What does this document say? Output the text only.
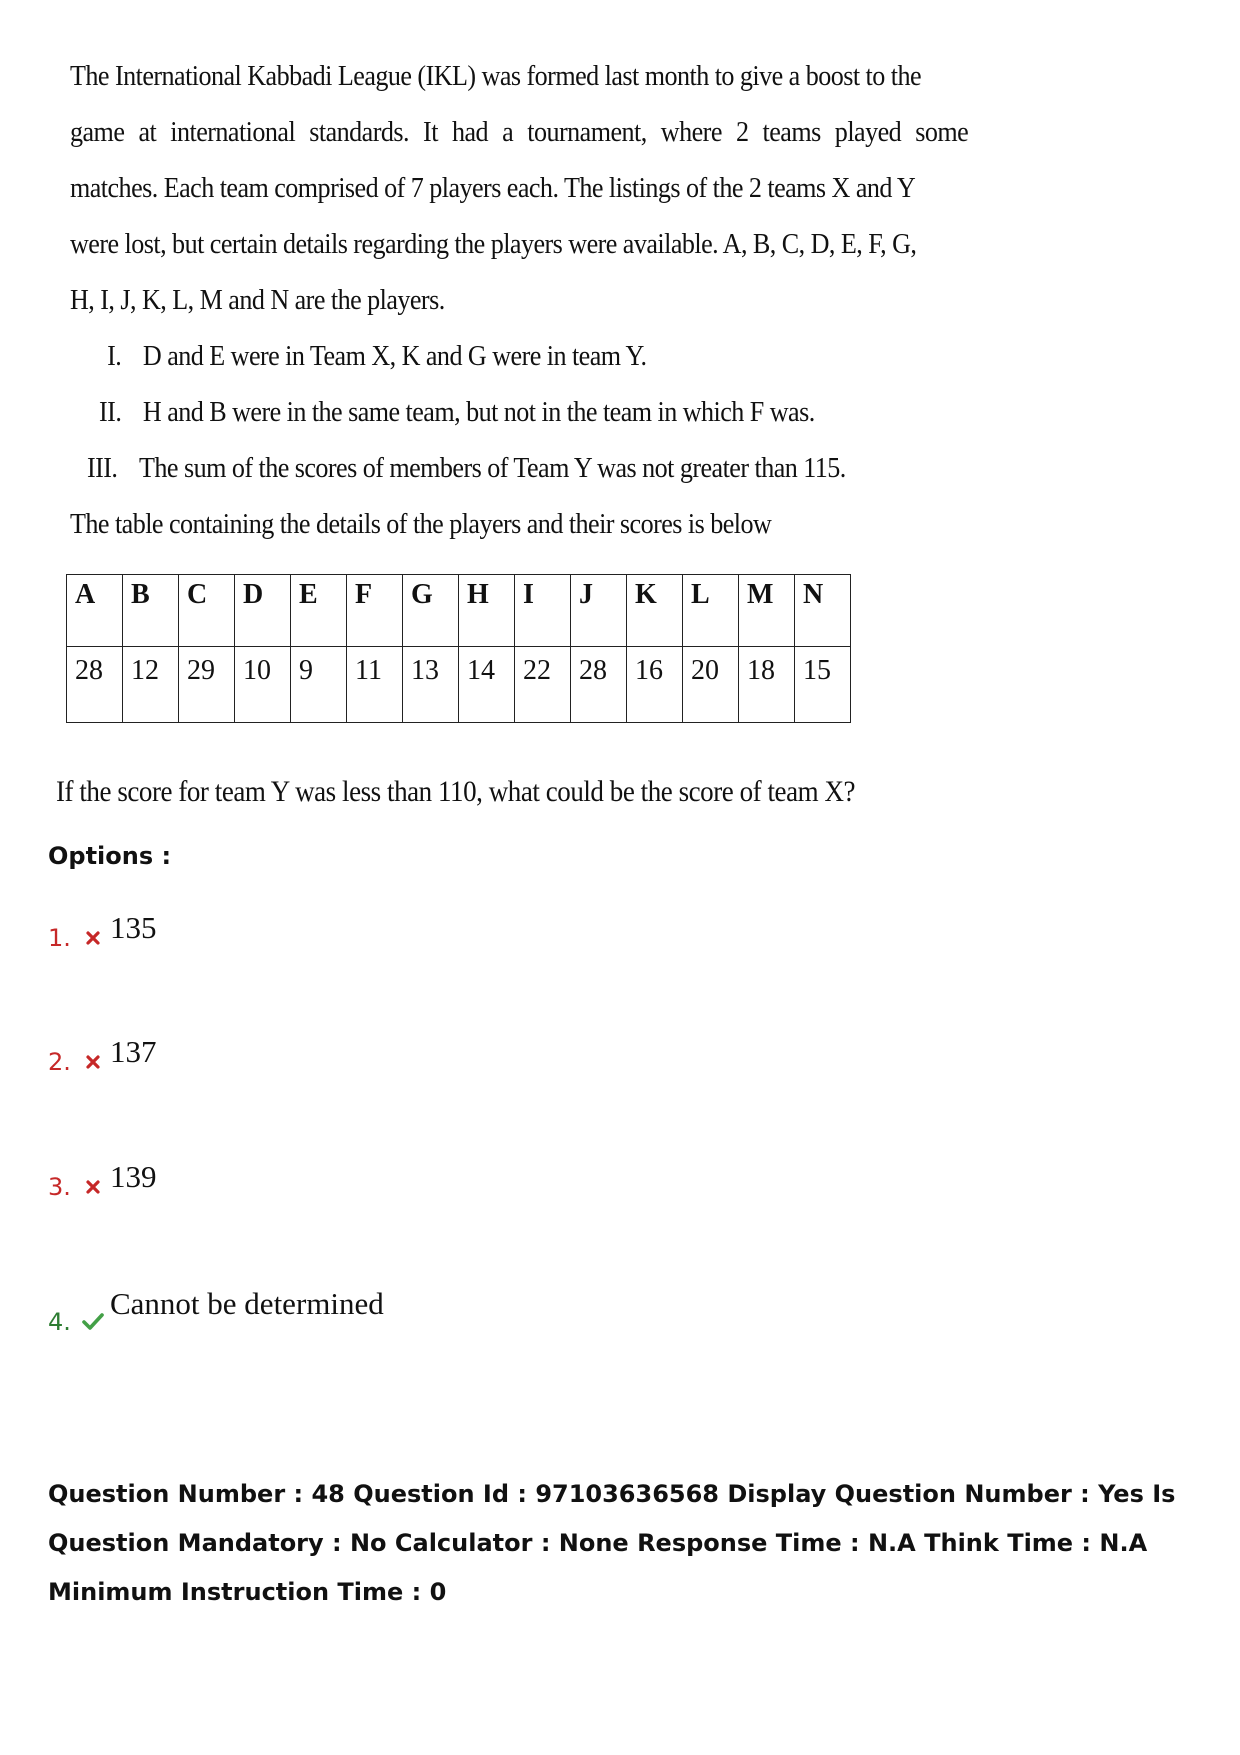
The International Kabbadi League (IKL) was formed last month to give a boost to the
game at international standards. It had a tournament, where 2 teams played some
matches. Each team comprised of 7 players each. The listings of the 2 teams X and Y
were lost, but certain details regarding the players were available. A, B, C, D, E, F, G,
H, I, J, K, L, M and N are the players.
I. D and E were in Team X, K and G were in team Y.
II. H and B were in the same team, but not in the team in which F was.
III. The sum of the scores of members of Team Y was not greater than 115.
The table containing the details of the players and their scores is below
A	B	C	D	E	F	G	H	I	J	K	L	M	N
28	12	29	10	9	11	13	14	22	28	16	20	18	15
If the score for team Y was less than 110, what could be the score of team X?
Options :
1. 135
2. 137
3. 139
4.
Cannot be determined
Question Number : 48 Question Id : 97103636568 Display Question Number : Yes Is Question Mandatory : No Calculator : None Response Time : N.A Think Time : N.A Minimum Instruction Time : 0
